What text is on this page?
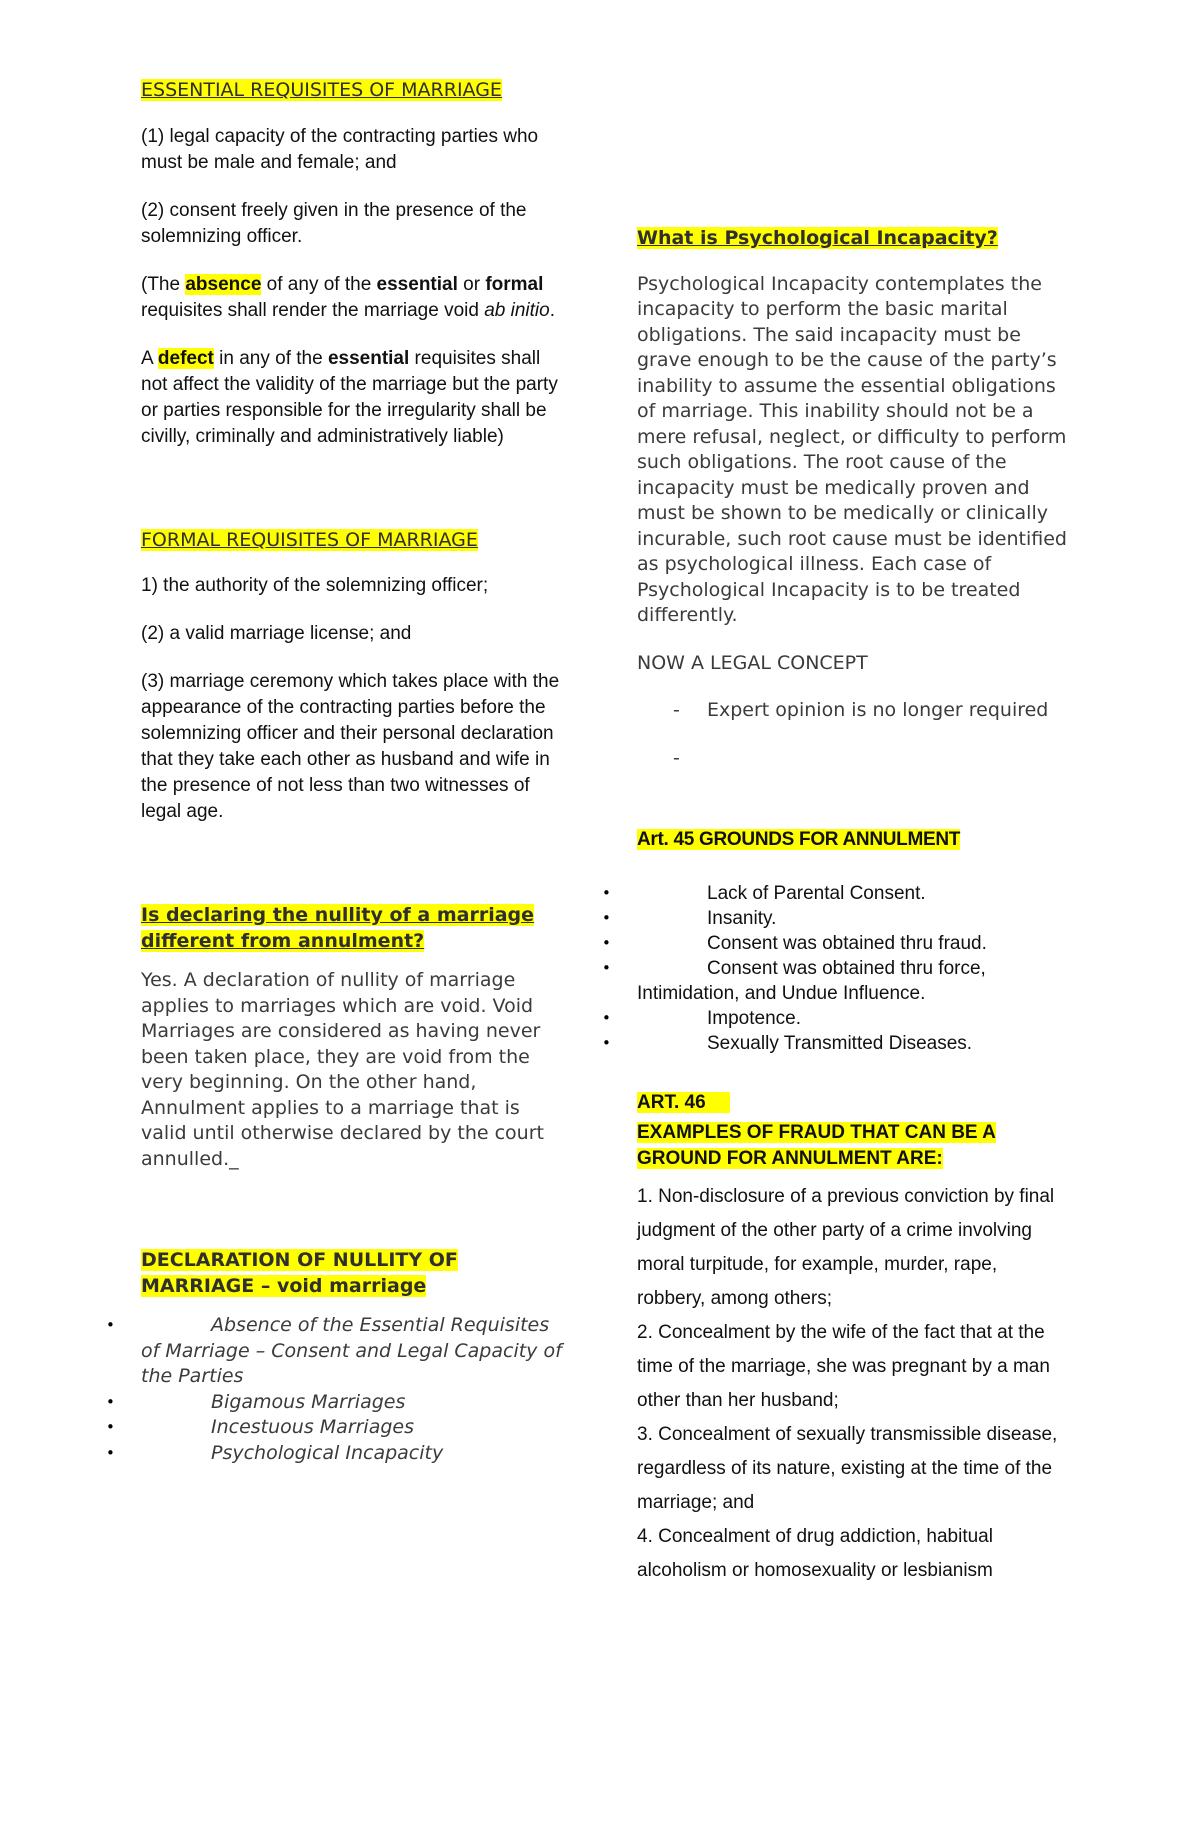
ESSENTIAL REQUISITES OF MARRIAGE

(1) legal capacity of the contracting parties who must be male and female; and

(2) consent freely given in the presence of the solemnizing officer.

(The absence of any of the essential or formal requisites shall render the marriage void ab initio.

A defect in any of the essential requisites shall not affect the validity of the marriage but the party or parties responsible for the irregularity shall be civilly, criminally and administratively liable)

FORMAL REQUISITES OF MARRIAGE

1) the authority of the solemnizing officer;

(2) a valid marriage license; and

(3) marriage ceremony which takes place with the appearance of the contracting parties before the solemnizing officer and their personal declaration that they take each other as husband and wife in the presence of not less than two witnesses of legal age.

Is declaring the nullity of a marriage different from annulment?

Yes. A declaration of nullity of marriage applies to marriages which are void. Void Marriages are considered as having never been taken place, they are void from the very beginning. On the other hand, Annulment applies to a marriage that is valid until otherwise declared by the court annulled._

DECLARATION OF NULLITY OF MARRIAGE – void marriage

•	Absence of the Essential Requisites of Marriage – Consent and Legal Capacity of the Parties
•	Bigamous Marriages
•	Incestuous Marriages
•	Psychological Incapacity

What is Psychological Incapacity?

Psychological Incapacity contemplates the incapacity to perform the basic marital obligations. The said incapacity must be grave enough to be the cause of the party’s inability to assume the essential obligations of marriage. This inability should not be a mere refusal, neglect, or difficulty to perform such obligations. The root cause of the incapacity must be medically proven and must be shown to be medically or clinically incurable, such root cause must be identified as psychological illness. Each case of Psychological Incapacity is to be treated differently.

NOW A LEGAL CONCEPT

- Expert opinion is no longer required
-

Art. 45 GROUNDS FOR ANNULMENT

•	Lack of Parental Consent.
•	Insanity.
•	Consent was obtained thru fraud.
•	Consent was obtained thru force, Intimidation, and Undue Influence.
•	Impotence.
•	Sexually Transmitted Diseases.

ART. 46

EXAMPLES OF FRAUD THAT CAN BE A GROUND FOR ANNULMENT ARE:

1. Non-disclosure of a previous conviction by final judgment of the other party of a crime involving moral turpitude, for example, murder, rape, robbery, among others;

2. Concealment by the wife of the fact that at the time of the marriage, she was pregnant by a man other than her husband;

3. Concealment of sexually transmissible disease, regardless of its nature, existing at the time of the marriage; and

4. Concealment of drug addiction, habitual alcoholism or homosexuality or lesbianism
